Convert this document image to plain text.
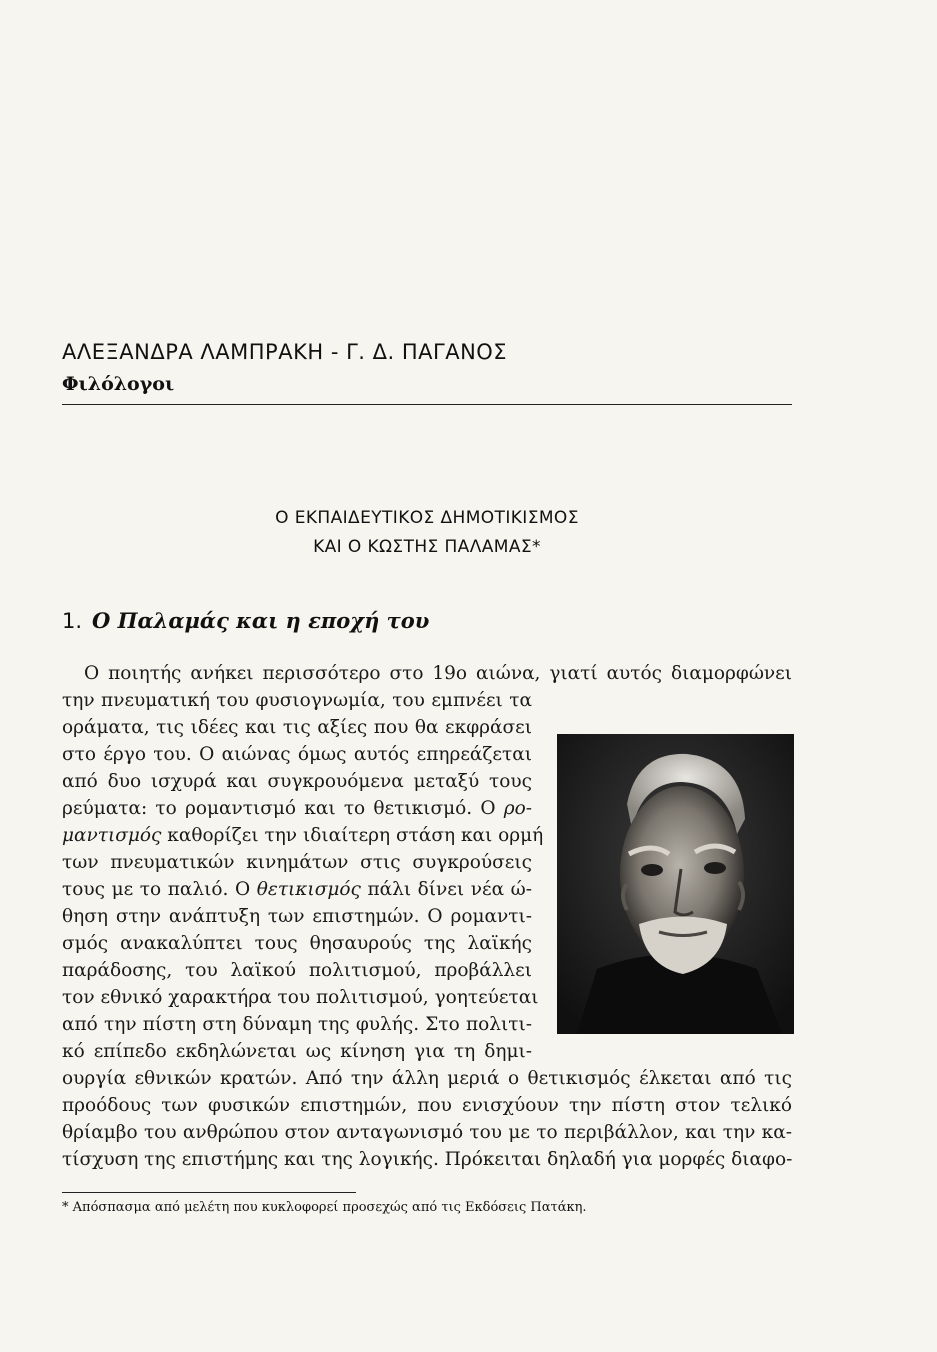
ΑΛΕΞΑΝΔΡΑ ΛΑΜΠΡΑΚΗ - Γ. Δ. ΠΑΓΑΝΟΣ
Φιλόλογοι
Ο ΕΚΠΑΙΔΕΥΤΙΚΟΣ ΔΗΜΟΤΙΚΙΣΜΟΣ
ΚΑΙ Ο ΚΩΣΤΗΣ ΠΑΛΑΜΑΣ*
1. Ο Παλαμάς και η εποχή του
Ο ποιητής ανήκει περισσότερο στο 19ο αιώνα, γιατί αυτός διαμορφώνει
την πνευματική του φυσιογνωμία, του εμπνέει τα
οράματα, τις ιδέες και τις αξίες που θα εκφράσει
στο έργο του. Ο αιώνας όμως αυτός επηρεάζεται
από δυο ισχυρά και συγκρουόμενα μεταξύ τους
ρεύματα: το ρομαντισμό και το θετικισμό. Ο ρο-
μαντισμός καθορίζει την ιδιαίτερη στάση και ορμή
των πνευματικών κινημάτων στις συγκρούσεις
τους με το παλιό. Ο θετικισμός πάλι δίνει νέα ώ-
θηση στην ανάπτυξη των επιστημών. Ο ρομαντι-
σμός ανακαλύπτει τους θησαυρούς της λαϊκής
παράδοσης, του λαϊκού πολιτισμού, προβάλλει
τον εθνικό χαρακτήρα του πολιτισμού, γοητεύεται
από την πίστη στη δύναμη της φυλής. Στο πολιτι-
κό επίπεδο εκδηλώνεται ως κίνηση για τη δημι-
ουργία εθνικών κρατών. Από την άλλη μεριά ο θετικισμός έλκεται από τις
προόδους των φυσικών επιστημών, που ενισχύουν την πίστη στον τελικό
θρίαμβο του ανθρώπου στον ανταγωνισμό του με το περιβάλλον, και την κα-
τίσχυση της επιστήμης και της λογικής. Πρόκειται δηλαδή για μορφές διαφο-
* Απόσπασμα από μελέτη που κυκλοφορεί προσεχώς από τις Εκδόσεις Πατάκη.
